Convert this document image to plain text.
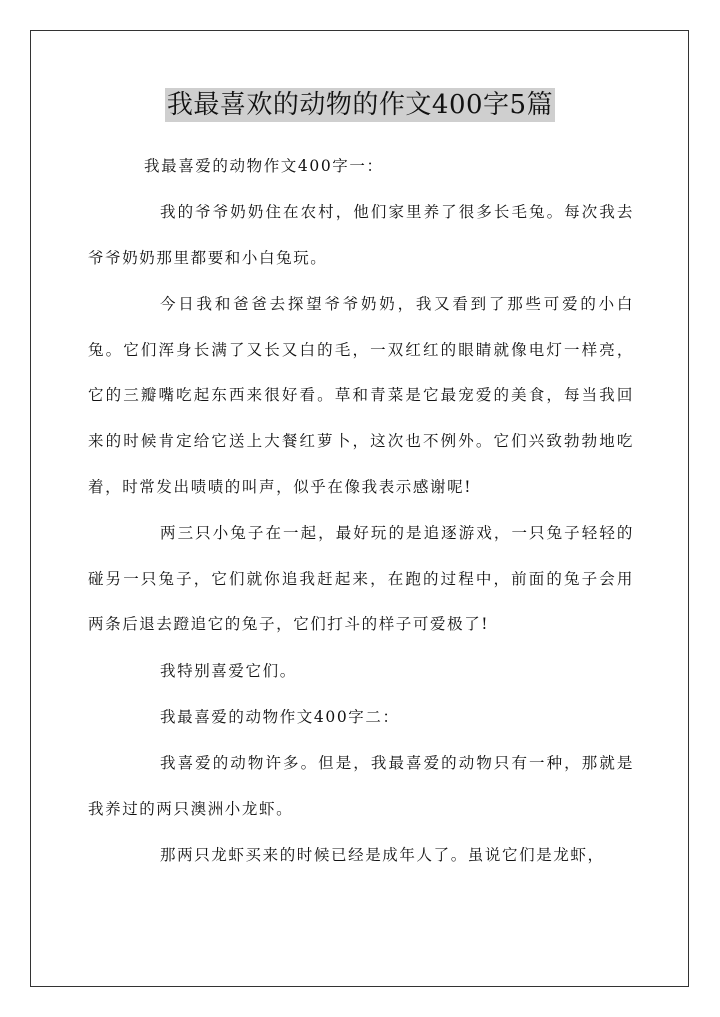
我最喜欢的动物的作文400字5篇

我最喜爱的动物作文400字一：

我的爷爷奶奶住在农村，他们家里养了很多长毛兔。每次我去爷爷奶奶那里都要和小白兔玩。

今日我和爸爸去探望爷爷奶奶，我又看到了那些可爱的小白兔。它们浑身长满了又长又白的毛，一双红红的眼睛就像电灯一样亮，它的三瓣嘴吃起东西来很好看。草和青菜是它最宠爱的美食，每当我回来的时候肯定给它送上大餐红萝卜，这次也不例外。它们兴致勃勃地吃着，时常发出啧啧的叫声，似乎在像我表示感谢呢!

两三只小兔子在一起，最好玩的是追逐游戏，一只兔子轻轻的碰另一只兔子，它们就你追我赶起来，在跑的过程中，前面的兔子会用两条后退去蹬追它的兔子，它们打斗的样子可爱极了!

我特别喜爱它们。

我最喜爱的动物作文400字二：

我喜爱的动物许多。但是，我最喜爱的动物只有一种，那就是我养过的两只澳洲小龙虾。

那两只龙虾买来的时候已经是成年人了。虽说它们是龙虾，
